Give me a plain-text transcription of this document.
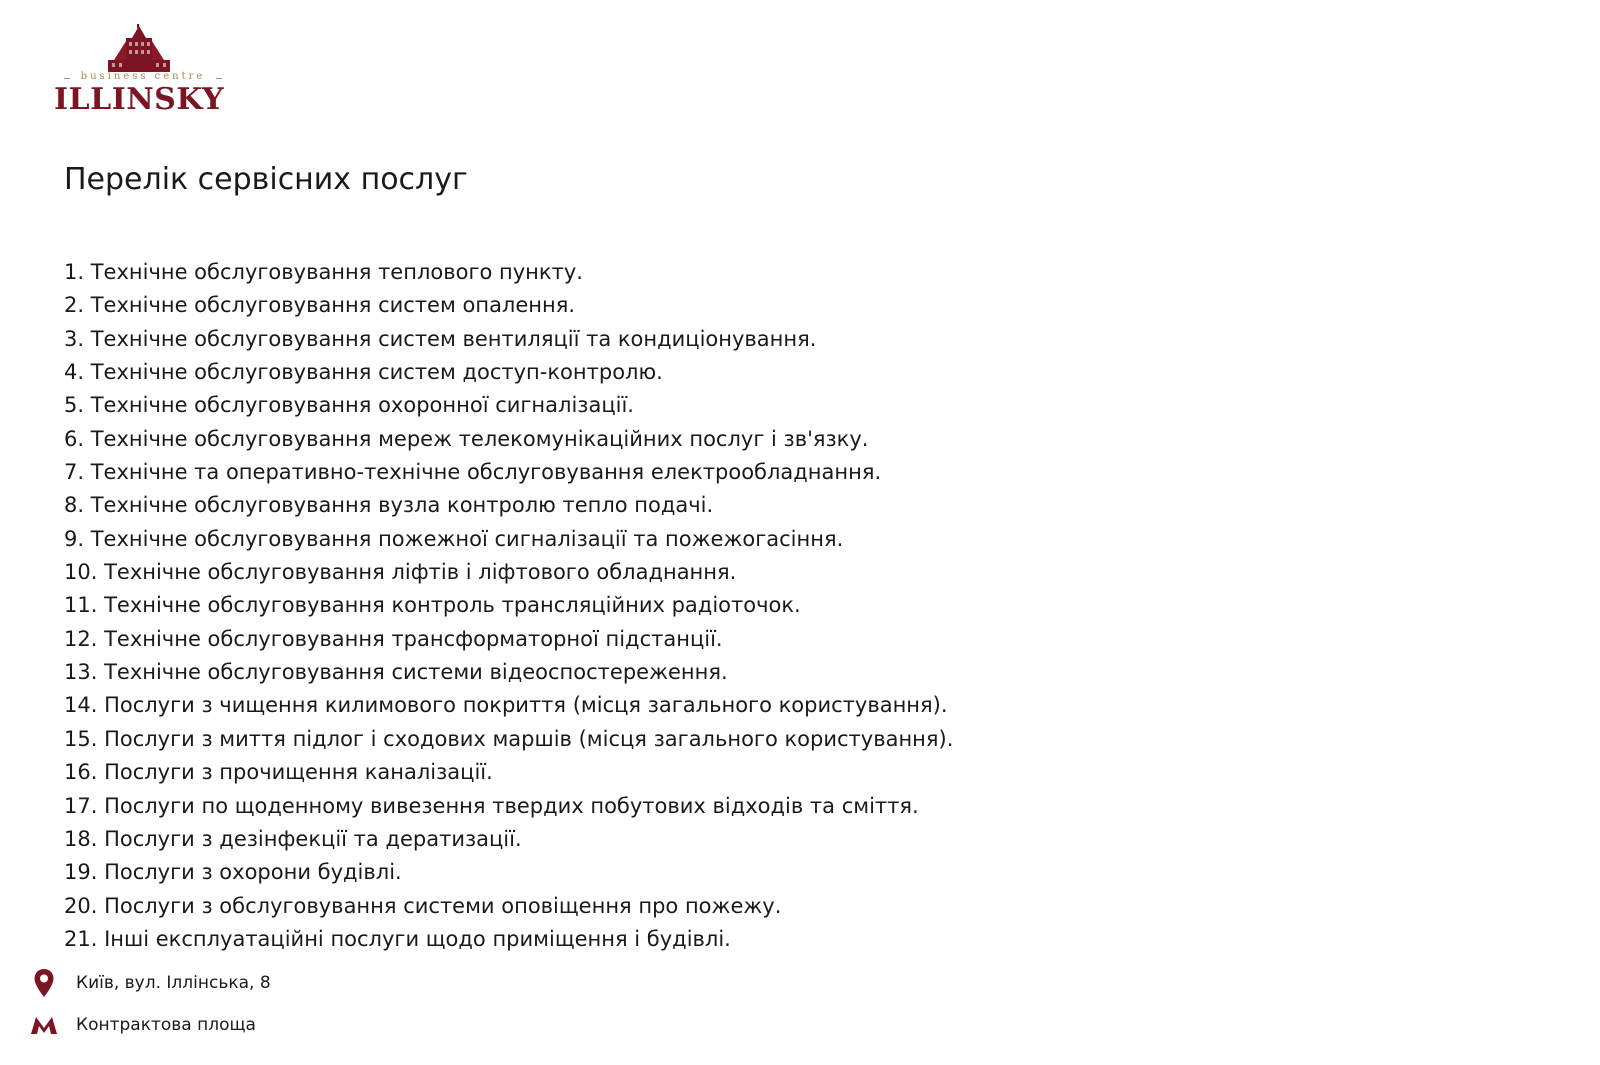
business centre
ILLINSKY
Перелік сервісних послуг
1. Технічне обслуговування теплового пункту.
2. Технічне обслуговування систем опалення.
3. Технічне обслуговування систем вентиляції та кондиціонування.
4. Технічне обслуговування систем доступ-контролю.
5. Технічне обслуговування охоронної сигналізації.
6. Технічне обслуговування мереж телекомунікаційних послуг і зв'язку.
7. Технічне та оперативно-технічне обслуговування електрообладнання.
8. Технічне обслуговування вузла контролю тепло подачі.
9. Технічне обслуговування пожежної сигналізації та пожежогасіння.
10. Технічне обслуговування ліфтів і ліфтового обладнання.
11. Технічне обслуговування контроль трансляційних радіоточок.
12. Технічне обслуговування трансформаторної підстанції.
13. Технічне обслуговування системи відеоспостереження.
14. Послуги з чищення килимового покриття (місця загального користування).
15. Послуги з миття підлог і сходових маршів (місця загального користування).
16. Послуги з прочищення каналізації.
17. Послуги по щоденному вивезення твердих побутових відходів та сміття.
18. Послуги з дезінфекції та дератизації.
19. Послуги з охорони будівлі.
20. Послуги з обслуговування системи оповіщення про пожежу.
21. Інші експлуатаційні послуги щодо приміщення і будівлі.
Київ, вул. Іллінська, 8
Контрактова площа
